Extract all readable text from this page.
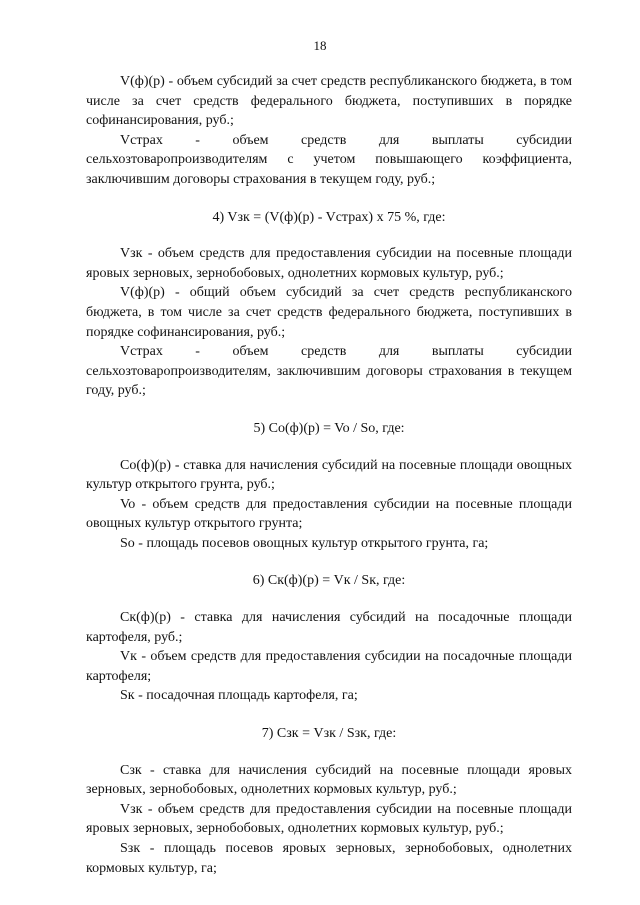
18

V(ф)(р) - объем субсидий за счет средств республиканского бюджета, в том числе за счет средств федерального бюджета, поступивших в порядке софинансирования, руб.;

Vстрах - объем средств для выплаты субсидии сельхозтоваропроизводителям с учетом повышающего коэффициента, заключившим договоры страхования в текущем году, руб.;

4) Vзк = (V(ф)(р) - Vстрах) x 75 %, где:

Vзк - объем средств для предоставления субсидии на посевные площади яровых зерновых, зернобобовых, однолетних кормовых культур, руб.;

V(ф)(р) - общий объем субсидий за счет средств республиканского бюджета, в том числе за счет средств федерального бюджета, поступивших в порядке софинансирования, руб.;

Vстрах - объем средств для выплаты субсидии сельхозтоваропроизводителям, заключившим договоры страхования в текущем году, руб.;

5) Co(ф)(р) = Vo / So, где:

Co(ф)(р) - ставка для начисления субсидий на посевные площади овощных культур открытого грунта, руб.;

Vo - объем средств для предоставления субсидии на посевные площади овощных культур открытого грунта;

So - площадь посевов овощных культур открытого грунта, га;

6) Ск(ф)(р) = Vк / Sк, где:

Ск(ф)(р) - ставка для начисления субсидий на посадочные площади картофеля, руб.;

Vк - объем средств для предоставления субсидии на посадочные площади картофеля;

Sк - посадочная площадь картофеля, га;

7) Сзк = Vзк / Sзк, где:

Сзк - ставка для начисления субсидий на посевные площади яровых зерновых, зернобобовых, однолетних кормовых культур, руб.;

Vзк - объем средств для предоставления субсидии на посевные площади яровых зерновых, зернобобовых, однолетних кормовых культур, руб.;

Sзк - площадь посевов яровых зерновых, зернобобовых, однолетних кормовых культур, га;
